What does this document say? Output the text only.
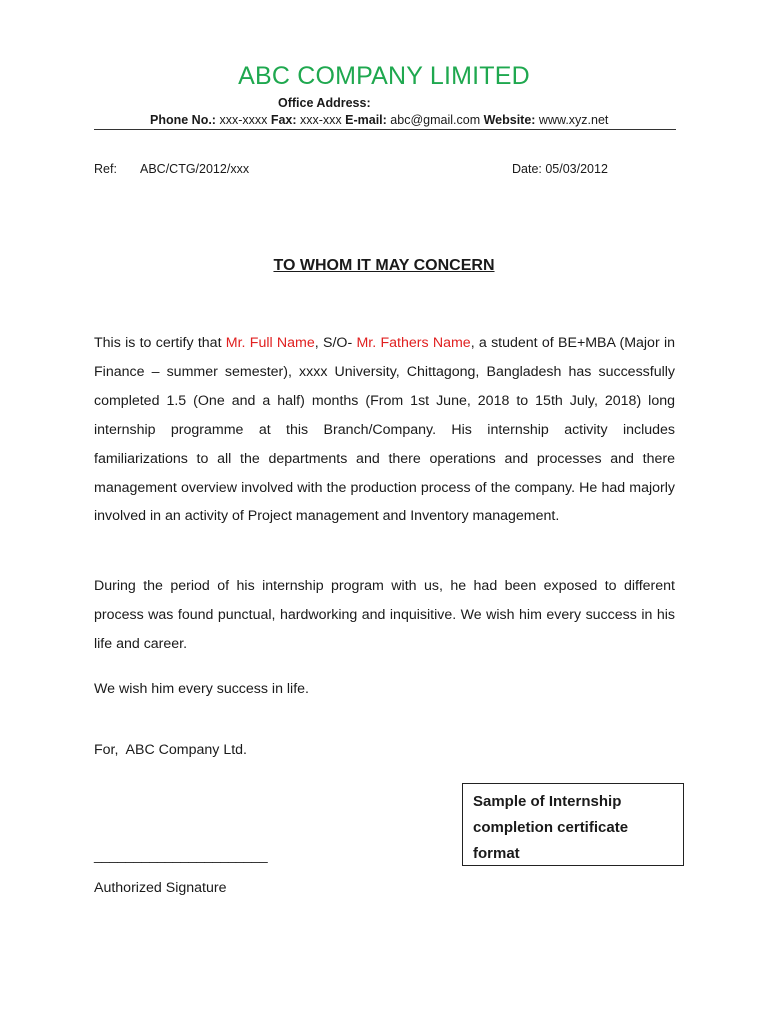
ABC COMPANY LIMITED
Office Address:
Phone No.: xxx-xxxx Fax: xxx-xxx E-mail: abc@gmail.com Website: www.xyz.net
Ref: ABC/CTG/2012/xxx	Date: 05/03/2012
TO WHOM IT MAY CONCERN
This is to certify that Mr. Full Name, S/O- Mr. Fathers Name, a student of BE+MBA (Major in Finance – summer semester), xxxx University, Chittagong, Bangladesh has successfully completed 1.5 (One and a half) months (From 1st June, 2018 to 15th July, 2018) long internship programme at this Branch/Company. His internship activity includes familiarizations to all the departments and there operations and processes and there management overview involved with the production process of the company. He had majorly involved in an activity of Project management and Inventory management.
During the period of his internship program with us, he had been exposed to different process was found punctual, hardworking and inquisitive. We wish him every success in his life and career.
We wish him every success in life.
For,  ABC Company Ltd.
Sample of Internship completion certificate format
______________________
Authorized Signature
